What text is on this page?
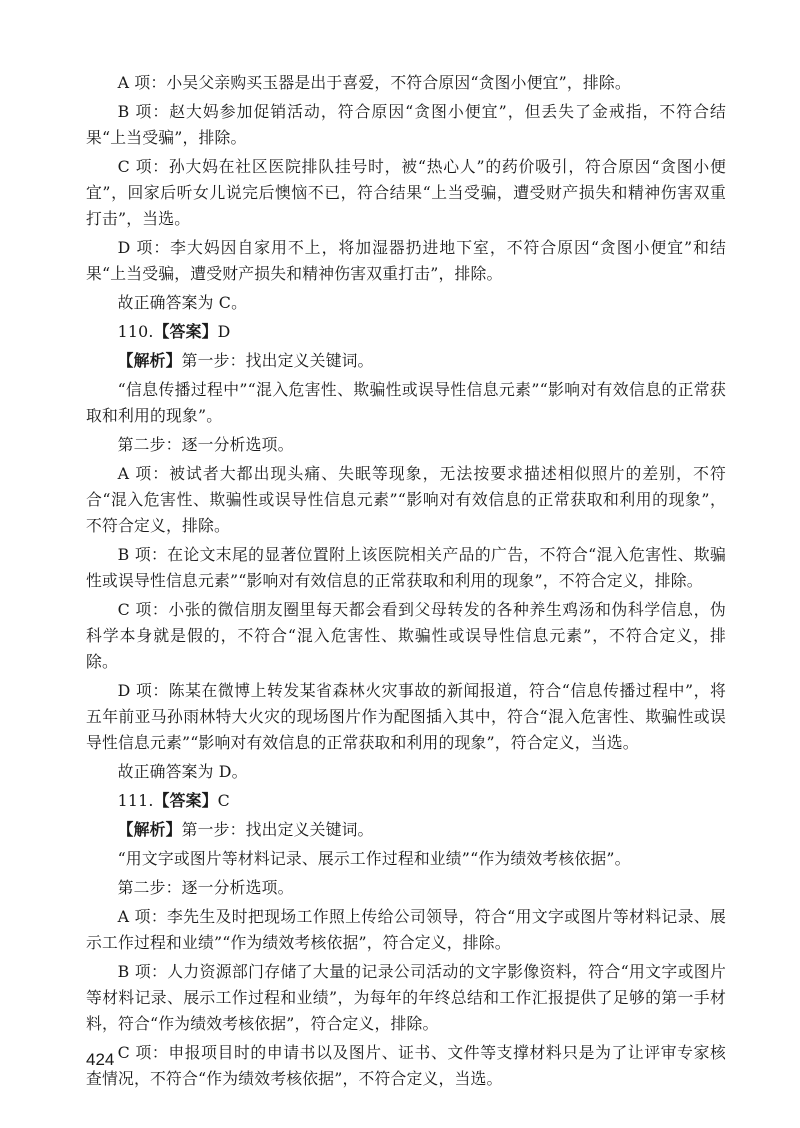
A 项：小吴父亲购买玉器是出于喜爱，不符合原因“贪图小便宜”，排除。

B 项：赵大妈参加促销活动，符合原因“贪图小便宜”，但丢失了金戒指，不符合结果“上当受骗”，排除。

C 项：孙大妈在社区医院排队挂号时，被“热心人”的药价吸引，符合原因“贪图小便宜”，回家后听女儿说完后懊恼不已，符合结果“上当受骗，遭受财产损失和精神伤害双重打击”，当选。

D 项：李大妈因自家用不上，将加湿器扔进地下室，不符合原因“贪图小便宜”和结果“上当受骗，遭受财产损失和精神伤害双重打击”，排除。

故正确答案为 C。

110.【答案】D

【解析】第一步：找出定义关键词。

“信息传播过程中”“混入危害性、欺骗性或误导性信息元素”“影响对有效信息的正常获取和利用的现象”。

第二步：逐一分析选项。

A 项：被试者大都出现头痛、失眠等现象，无法按要求描述相似照片的差别，不符合“混入危害性、欺骗性或误导性信息元素”“影响对有效信息的正常获取和利用的现象”，不符合定义，排除。

B 项：在论文末尾的显著位置附上该医院相关产品的广告，不符合“混入危害性、欺骗性或误导性信息元素”“影响对有效信息的正常获取和利用的现象”，不符合定义，排除。

C 项：小张的微信朋友圈里每天都会看到父母转发的各种养生鸡汤和伪科学信息，伪科学本身就是假的，不符合“混入危害性、欺骗性或误导性信息元素”，不符合定义，排除。

D 项：陈某在微博上转发某省森林火灾事故的新闻报道，符合“信息传播过程中”，将五年前亚马孙雨林特大火灾的现场图片作为配图插入其中，符合“混入危害性、欺骗性或误导性信息元素”“影响对有效信息的正常获取和利用的现象”，符合定义，当选。

故正确答案为 D。

111.【答案】C

【解析】第一步：找出定义关键词。

“用文字或图片等材料记录、展示工作过程和业绩”“作为绩效考核依据”。

第二步：逐一分析选项。

A 项：李先生及时把现场工作照上传给公司领导，符合“用文字或图片等材料记录、展示工作过程和业绩”“作为绩效考核依据”，符合定义，排除。

B 项：人力资源部门存储了大量的记录公司活动的文字影像资料，符合“用文字或图片等材料记录、展示工作过程和业绩”，为每年的年终总结和工作汇报提供了足够的第一手材料，符合“作为绩效考核依据”，符合定义，排除。

C 项：申报项目时的申请书以及图片、证书、文件等支撑材料只是为了让评审专家核查情况，不符合“作为绩效考核依据”，不符合定义，当选。

424
